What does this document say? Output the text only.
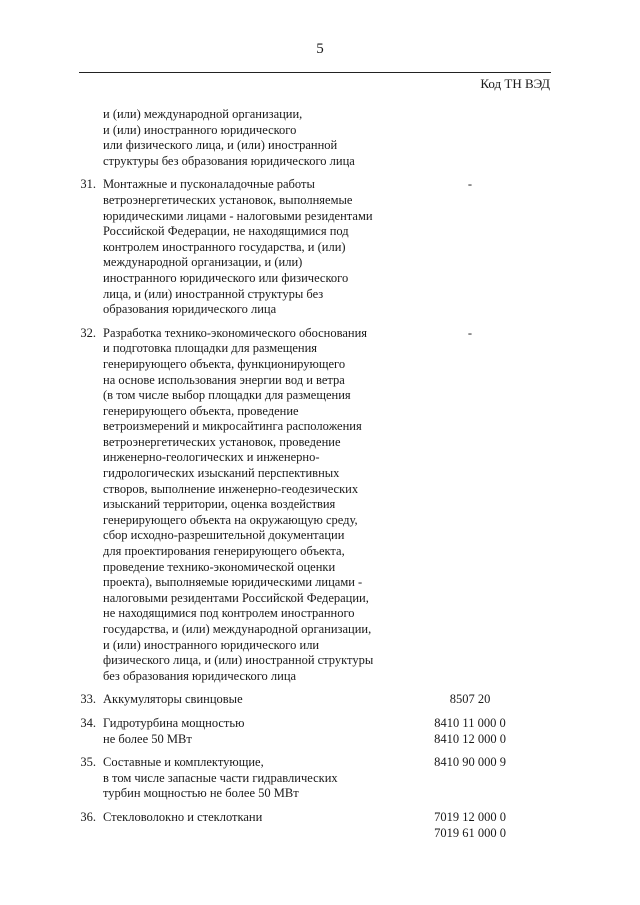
5
Код ТН ВЭД
и (или) международной организации,
и (или) иностранного юридического
или физического лица, и (или) иностранной
структуры без образования юридического лица
31. Монтажные и пусконаладочные работы
ветроэнергетических установок, выполняемые
юридическими лицами - налоговыми резидентами
Российской Федерации, не находящимися под
контролем иностранного государства, и (или)
международной организации, и (или)
иностранного юридического или физического
лица, и (или) иностранной структуры без
образования юридического лица
-
32. Разработка технико-экономического обоснования
и подготовка площадки для размещения
генерирующего объекта, функционирующего
на основе использования энергии вод и ветра
(в том числе выбор площадки для размещения
генерирующего объекта, проведение
ветроизмерений и микросайтинга расположения
ветроэнергетических установок, проведение
инженерно-геологических и инженерно-
гидрологических изысканий перспективных
створов, выполнение инженерно-геодезических
изысканий территории, оценка воздействия
генерирующего объекта на окружающую среду,
сбор исходно-разрешительной документации
для проектирования генерирующего объекта,
проведение технико-экономической оценки
проекта), выполняемые юридическими лицами -
налоговыми резидентами Российской Федерации,
не находящимися под контролем иностранного
государства, и (или) международной организации,
и (или) иностранного юридического или
физического лица, и (или) иностранной структуры
без образования юридического лица
-
33. Аккумуляторы свинцовые	8507 20
34. Гидротурбина мощностью
не более 50 МВт
8410 11 000 0
8410 12 000 0
35. Составные и комплектующие,
в том числе запасные части гидравлических
турбин мощностью не более 50 МВт
8410 90 000 9
36. Стекловолокно и стеклоткани	7019 12 000 0
7019 61 000 0
